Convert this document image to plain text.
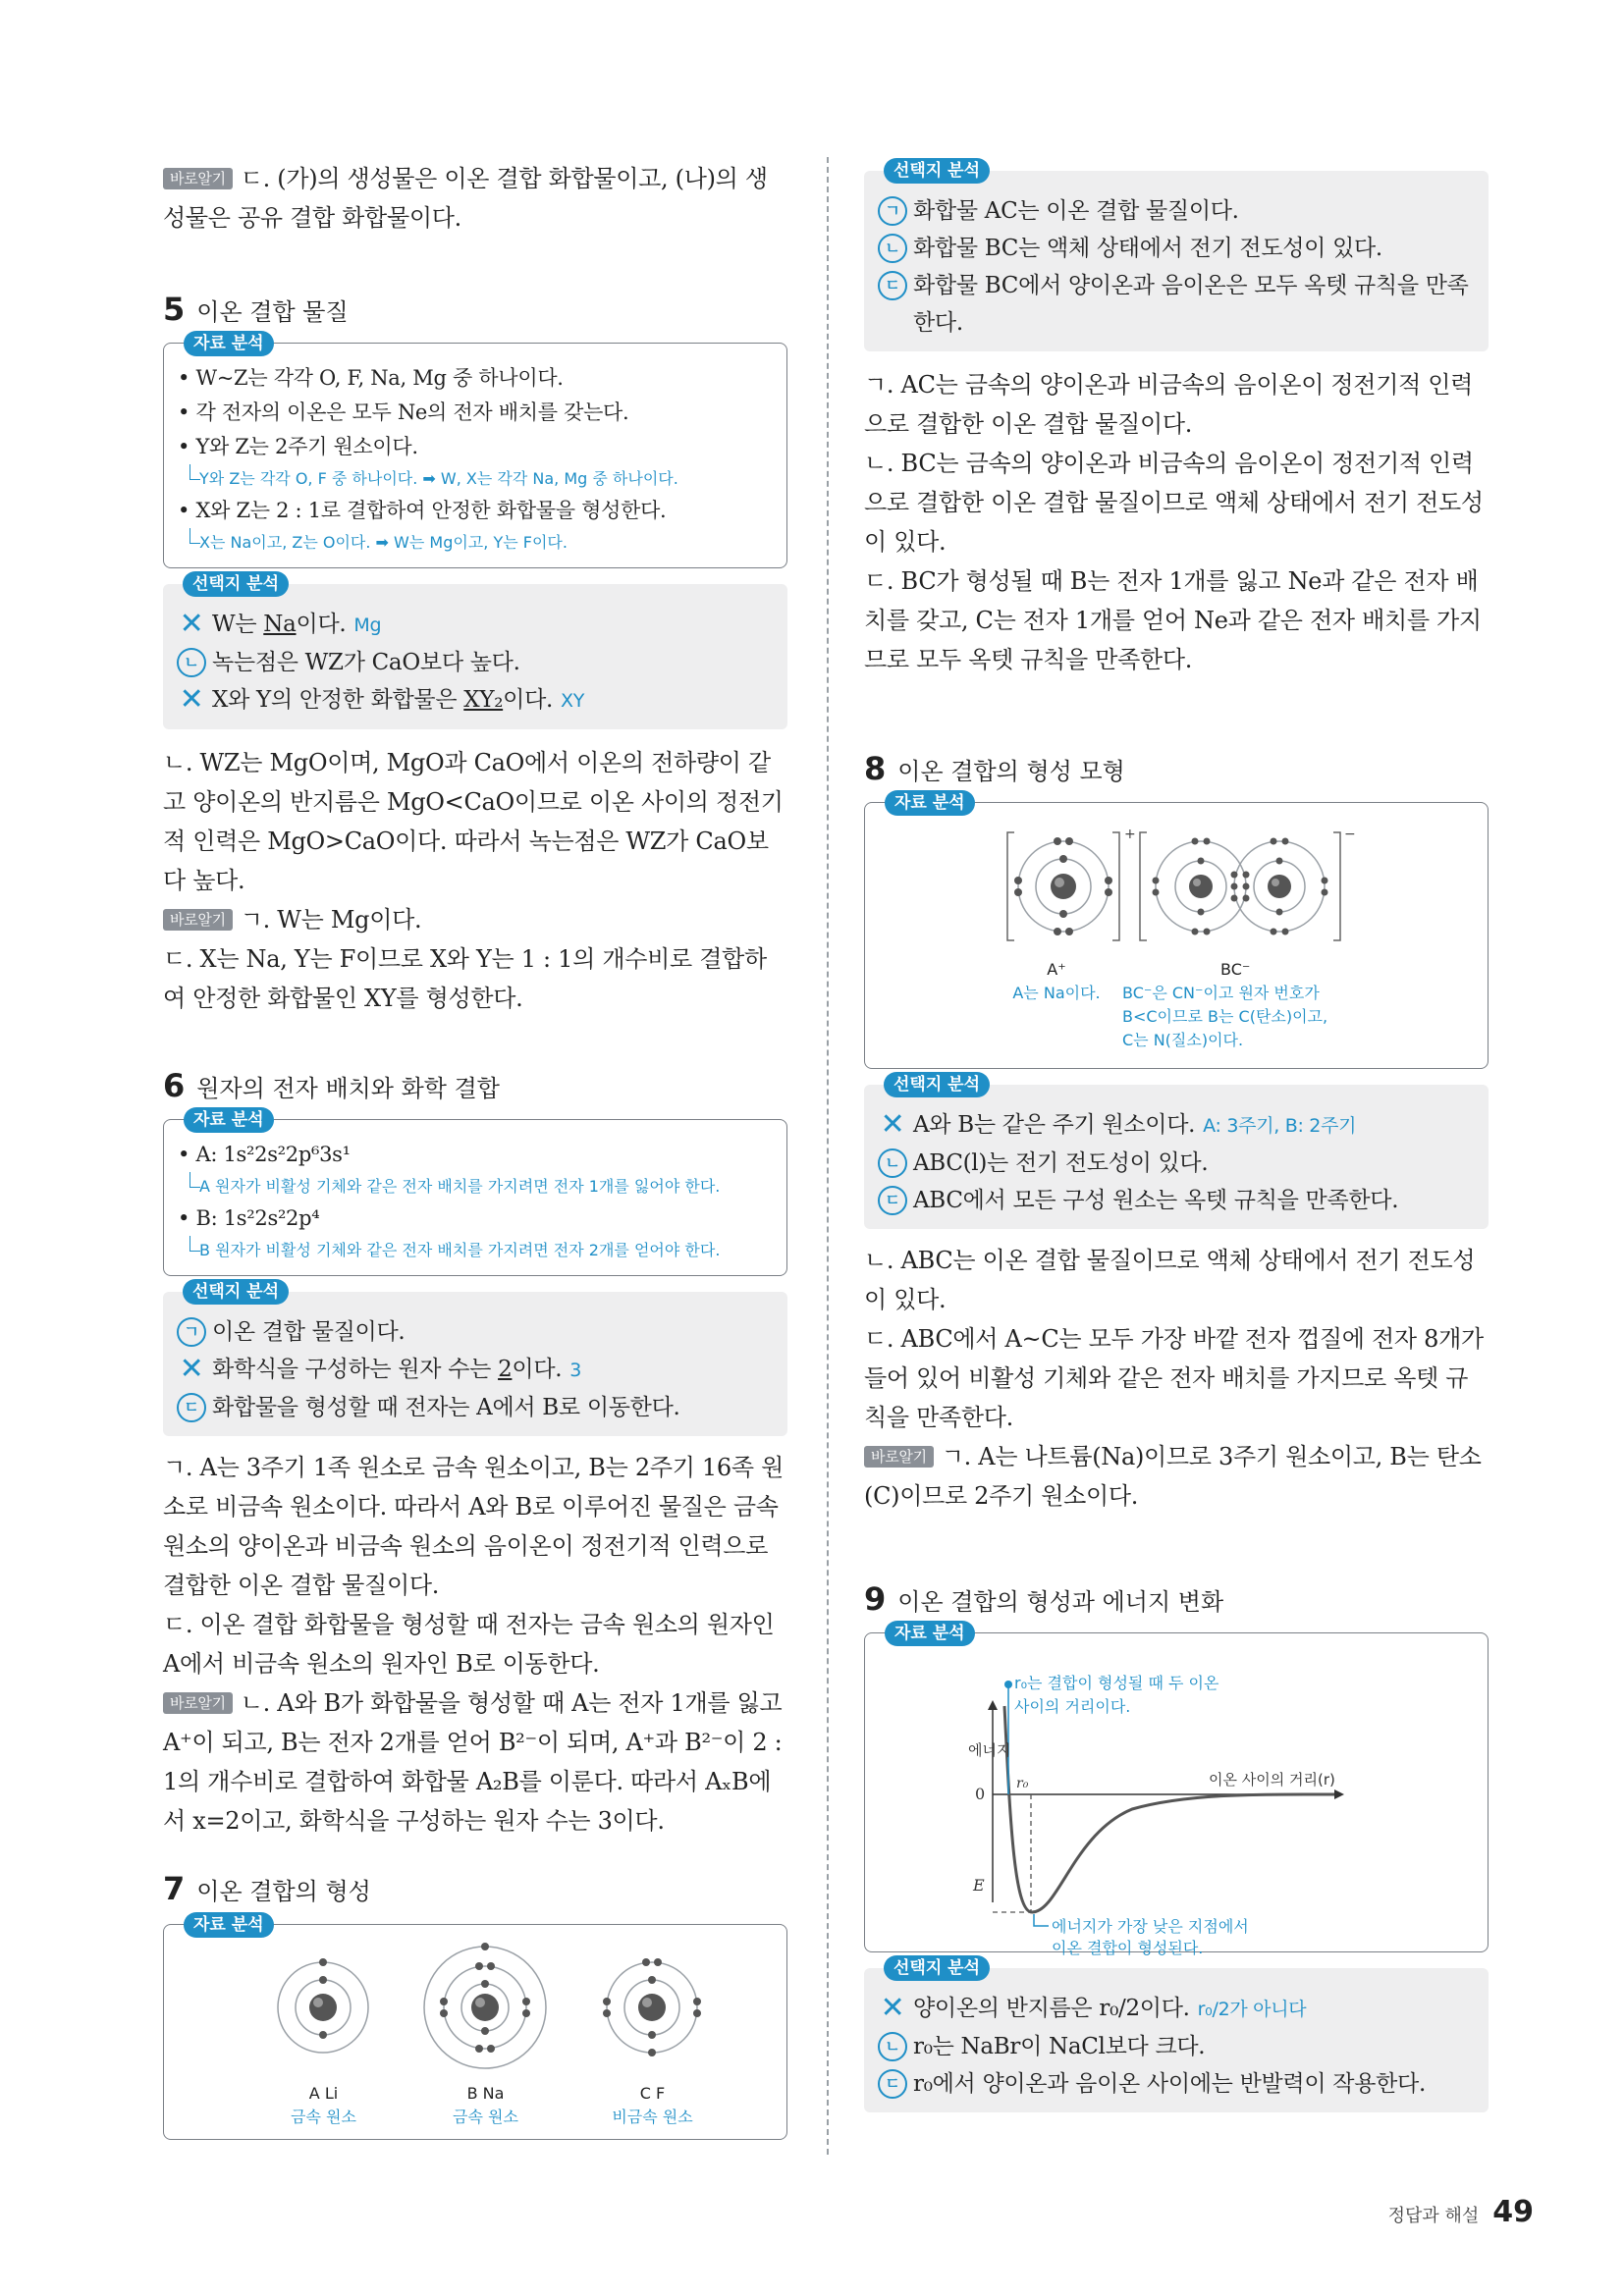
바로알기 ㄷ. (가)의 생성물은 이온 결합 화합물이고, (나)의 생성물은 공유 결합 화합물이다.

5 이온 결합 물질
자료 분석
• W~Z는 각각 O, F, Na, Mg 중 하나이다.
• 각 전자의 이온은 모두 Ne의 전자 배치를 갖는다.
• Y와 Z는 2주기 원소이다.
Y와 Z는 각각 O, F 중 하나이다. ➡ W, X는 각각 Na, Mg 중 하나이다.
• X와 Z는 2 : 1로 결합하여 안정한 화합물을 형성한다.
X는 Na이고, Z는 O이다. ➡ W는 Mg이고, Y는 F이다.
선택지 분석
✕ W는 Na이다. Mg
ㄴ 녹는점은 WZ가 CaO보다 높다.
✕ X와 Y의 안정한 화합물은 XY₂이다. XY

ㄴ. WZ는 MgO이며, MgO과 CaO에서 이온의 전하량이 같고 양이온의 반지름은 MgO<CaO이므로 이온 사이의 정전기적 인력은 MgO>CaO이다. 따라서 녹는점은 WZ가 CaO보다 높다.

바로알기 ㄱ. W는 Mg이다.

ㄷ. X는 Na, Y는 F이므로 X와 Y는 1 : 1의 개수비로 결합하여 안정한 화합물인 XY를 형성한다.

6 원자의 전자 배치와 화학 결합
자료 분석
• A: 1s²2s²2p⁶3s¹
A 원자가 비활성 기체와 같은 전자 배치를 가지려면 전자 1개를 잃어야 한다.
• B: 1s²2s²2p⁴
B 원자가 비활성 기체와 같은 전자 배치를 가지려면 전자 2개를 얻어야 한다.
선택지 분석
ㄱ 이온 결합 물질이다.
✕ 화학식을 구성하는 원자 수는 2이다. 3
ㄷ 화합물을 형성할 때 전자는 A에서 B로 이동한다.

ㄱ. A는 3주기 1족 원소로 금속 원소이고, B는 2주기 16족 원소로 비금속 원소이다. 따라서 A와 B로 이루어진 물질은 금속 원소의 양이온과 비금속 원소의 음이온이 정전기적 인력으로 결합한 이온 결합 물질이다.

ㄷ. 이온 결합 화합물을 형성할 때 전자는 금속 원소의 원자인 A에서 비금속 원소의 원자인 B로 이동한다.

바로알기 ㄴ. A와 B가 화합물을 형성할 때 A는 전자 1개를 잃고 A⁺이 되고, B는 전자 2개를 얻어 B²⁻이 되며, A⁺과 B²⁻이 2 : 1의 개수비로 결합하여 화합물 A₂B를 이룬다. 따라서 AₓB에서 x=2이고, 화학식을 구성하는 원자 수는 3이다.

7 이온 결합의 형성
자료 분석
A Li
금속 원소
B Na
금속 원소
C F
비금속 원소
선택지 분석
ㄱ 화합물 AC는 이온 결합 물질이다.
ㄴ 화합물 BC는 액체 상태에서 전기 전도성이 있다.
ㄷ 화합물 BC에서 양이온과 음이온은 모두 옥텟 규칙을 만족한다.

ㄱ. AC는 금속의 양이온과 비금속의 음이온이 정전기적 인력으로 결합한 이온 결합 물질이다.

ㄴ. BC는 금속의 양이온과 비금속의 음이온이 정전기적 인력으로 결합한 이온 결합 물질이므로 액체 상태에서 전기 전도성이 있다.

ㄷ. BC가 형성될 때 B는 전자 1개를 잃고 Ne과 같은 전자 배치를 갖고, C는 전자 1개를 얻어 Ne과 같은 전자 배치를 가지므로 모두 옥텟 규칙을 만족한다.

8 이온 결합의 형성 모형
자료 분석
+	−
A⁺
A는 Na이다.
BC⁻
BC⁻은 CN⁻이고 원자 번호가
B<C이므로 B는 C(탄소)이고,
C는 N(질소)이다.
선택지 분석
✕ A와 B는 같은 주기 원소이다. A: 3주기, B: 2주기
ㄴ ABC(l)는 전기 전도성이 있다.
ㄷ ABC에서 모든 구성 원소는 옥텟 규칙을 만족한다.

ㄴ. ABC는 이온 결합 물질이므로 액체 상태에서 전기 전도성이 있다.

ㄷ. ABC에서 A~C는 모두 가장 바깥 전자 껍질에 전자 8개가 들어 있어 비활성 기체와 같은 전자 배치를 가지므로 옥텟 규칙을 만족한다.

바로알기 ㄱ. A는 나트륨(Na)이므로 3주기 원소이고, B는 탄소(C)이므로 2주기 원소이다.

9 이온 결합의 형성과 에너지 변화
자료 분석
에너지
0
r₀
E
이온 사이의 거리(r)
r₀는 결합이 형성될 때 두 이온
사이의 거리이다.
에너지가 가장 낮은 지점에서
이온 결합이 형성된다.
선택지 분석
✕ 양이온의 반지름은 r₀/2이다. r₀/2가 아니다
ㄴ r₀는 NaBr이 NaCl보다 크다.
ㄷ r₀에서 양이온과 음이온 사이에는 반발력이 작용한다.
정답과 해설 49
